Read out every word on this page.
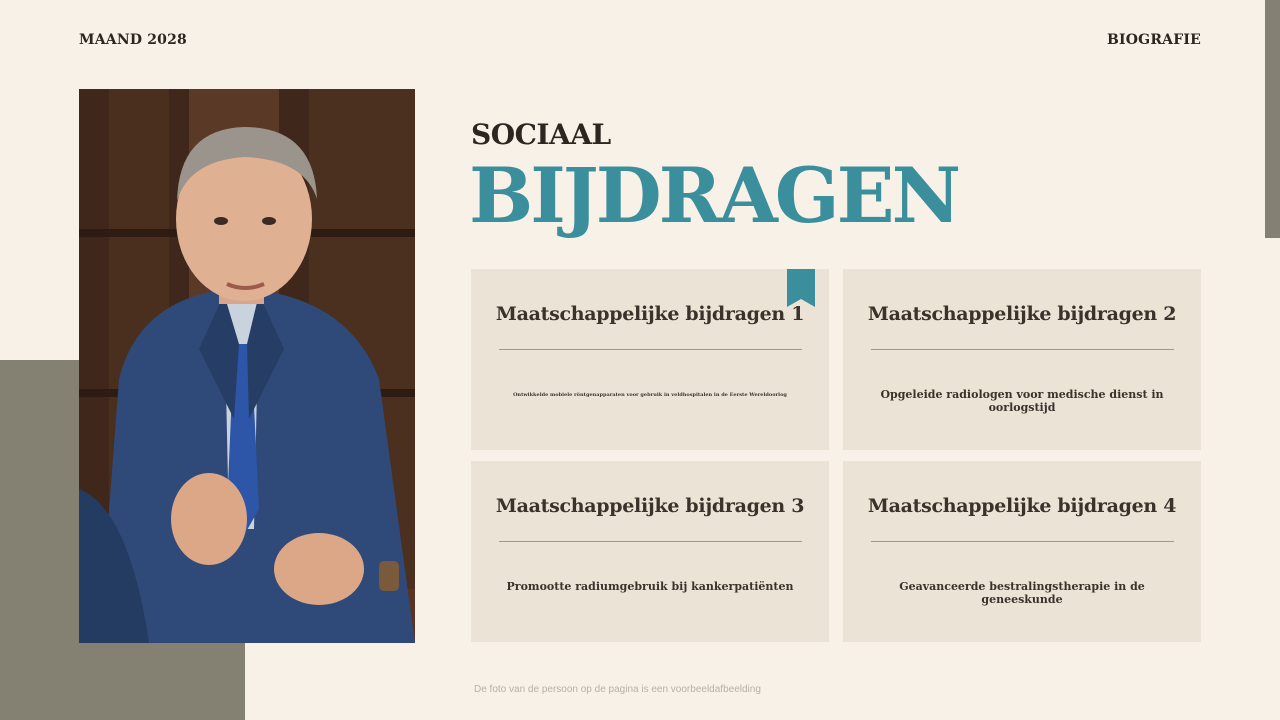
MAAND 2028	BIOGRAFIE
SOCIAAL
BIJDRAGEN
Maatschappelijke bijdragen 1
Ontwikkelde mobiele röntgenapparaten voor gebruik in veldhospitalen in de Eerste Wereldoorlog
Maatschappelijke bijdragen 2
Opgeleide radiologen voor medische dienst in oorlogstijd
Maatschappelijke bijdragen 3
Promootte radiumgebruik bij kankerpatiënten
Maatschappelijke bijdragen 4
Geavanceerde bestralingstherapie in de geneeskunde
De foto van de persoon op de pagina is een voorbeeldafbeelding
